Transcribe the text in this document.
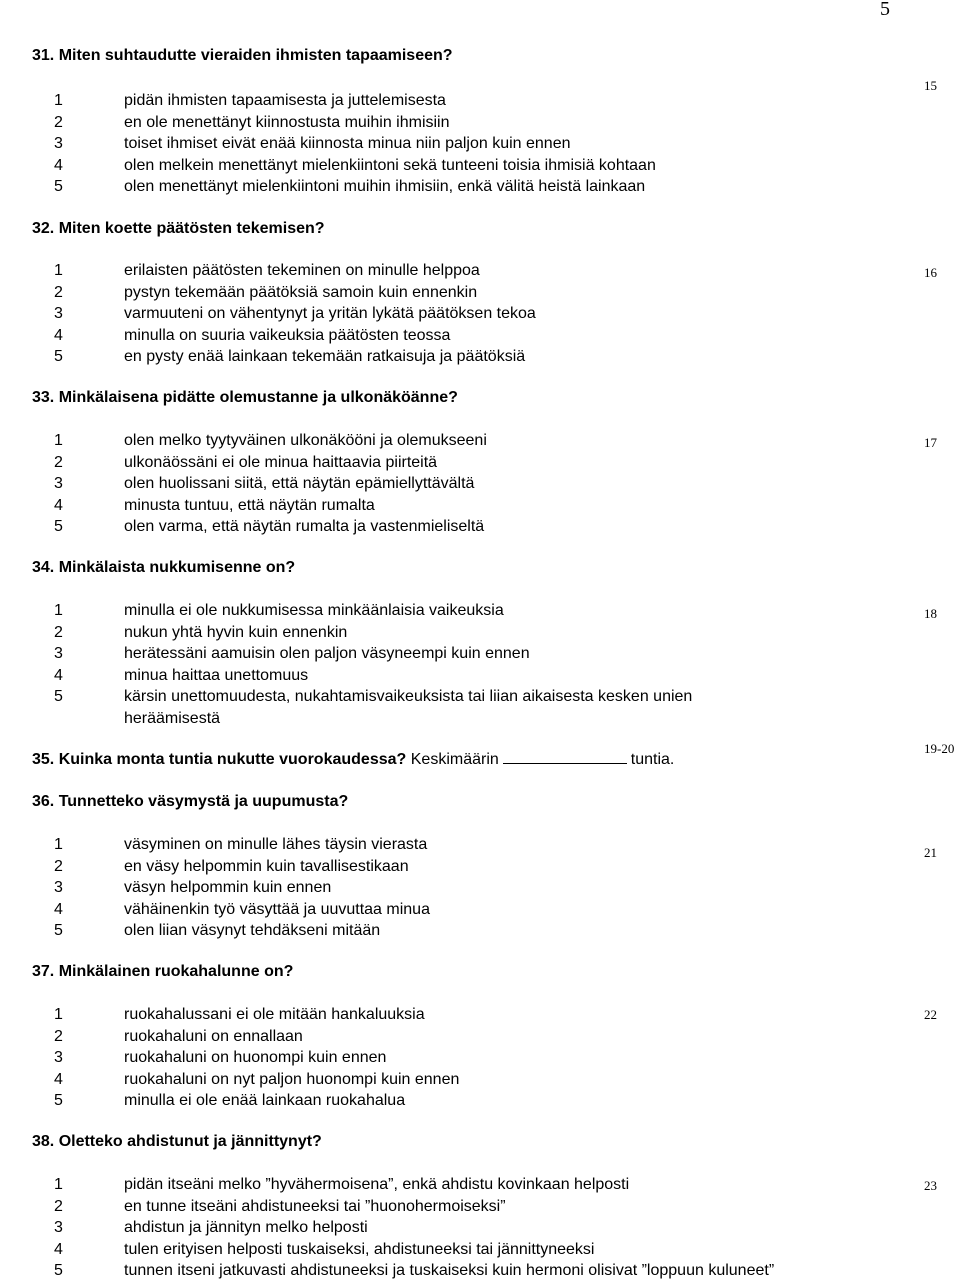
5
31. Miten suhtaudutte vieraiden ihmisten tapaamiseen?
15
1	pidän ihmisten tapaamisesta ja juttelemisesta
2	en ole menettänyt kiinnostusta muihin ihmisiin
3	toiset ihmiset eivät enää kiinnosta minua niin paljon kuin ennen
4	olen melkein menettänyt mielenkiintoni sekä tunteeni toisia ihmisiä kohtaan
5	olen menettänyt mielenkiintoni muihin ihmisiin, enkä välitä heistä lainkaan
32. Miten koette päätösten tekemisen?
16
1	erilaisten päätösten tekeminen on minulle helppoa
2	pystyn tekemään päätöksiä samoin kuin ennenkin
3	varmuuteni on vähentynyt ja yritän lykätä päätöksen tekoa
4	minulla on suuria vaikeuksia päätösten teossa
5	en pysty enää lainkaan tekemään ratkaisuja ja päätöksiä
33. Minkälaisena pidätte olemustanne ja ulkonäköänne?
17
1	olen melko tyytyväinen ulkonäkööni ja olemukseeni
2	ulkonäössäni ei ole minua haittaavia piirteitä
3	olen huolissani siitä, että näytän epämiellyttävältä
4	minusta tuntuu, että näytän rumalta
5	olen varma, että näytän rumalta ja vastenmieliseltä
34. Minkälaista nukkumisenne on?
18
1	minulla ei ole nukkumisessa minkäänlaisia vaikeuksia
2	nukun yhtä hyvin kuin ennenkin
3	herätessäni aamuisin olen paljon väsyneempi kuin ennen
4	minua haittaa unettomuus
5	kärsin unettomuudesta, nukahtamisvaikeuksista tai liian aikaisesta kesken unien
heräämisestä
35. Kuinka monta tuntia nukutte vuorokaudessa? Keskimäärin	tuntia.
19-20
36. Tunnetteko väsymystä ja uupumusta?
21
1	väsyminen on minulle lähes täysin vierasta
2	en väsy helpommin kuin tavallisestikaan
3	väsyn helpommin kuin ennen
4	vähäinenkin työ väsyttää ja uuvuttaa minua
5	olen liian väsynyt tehdäkseni mitään
37. Minkälainen ruokahalunne on?
22
1	ruokahalussani ei ole mitään hankaluuksia
2	ruokahaluni on ennallaan
3	ruokahaluni on huonompi kuin ennen
4	ruokahaluni on nyt paljon huonompi kuin ennen
5	minulla ei ole enää lainkaan ruokahalua
38. Oletteko ahdistunut ja jännittynyt?
23
1	pidän itseäni melko ”hyvähermoisena”, enkä ahdistu kovinkaan helposti
2	en tunne itseäni ahdistuneeksi tai ”huonohermoiseksi”
3	ahdistun ja jännityn melko helposti
4	tulen erityisen helposti tuskaiseksi, ahdistuneeksi tai jännittyneeksi
5	tunnen itseni jatkuvasti ahdistuneeksi ja tuskaiseksi kuin hermoni olisivat ”loppuun kuluneet”
